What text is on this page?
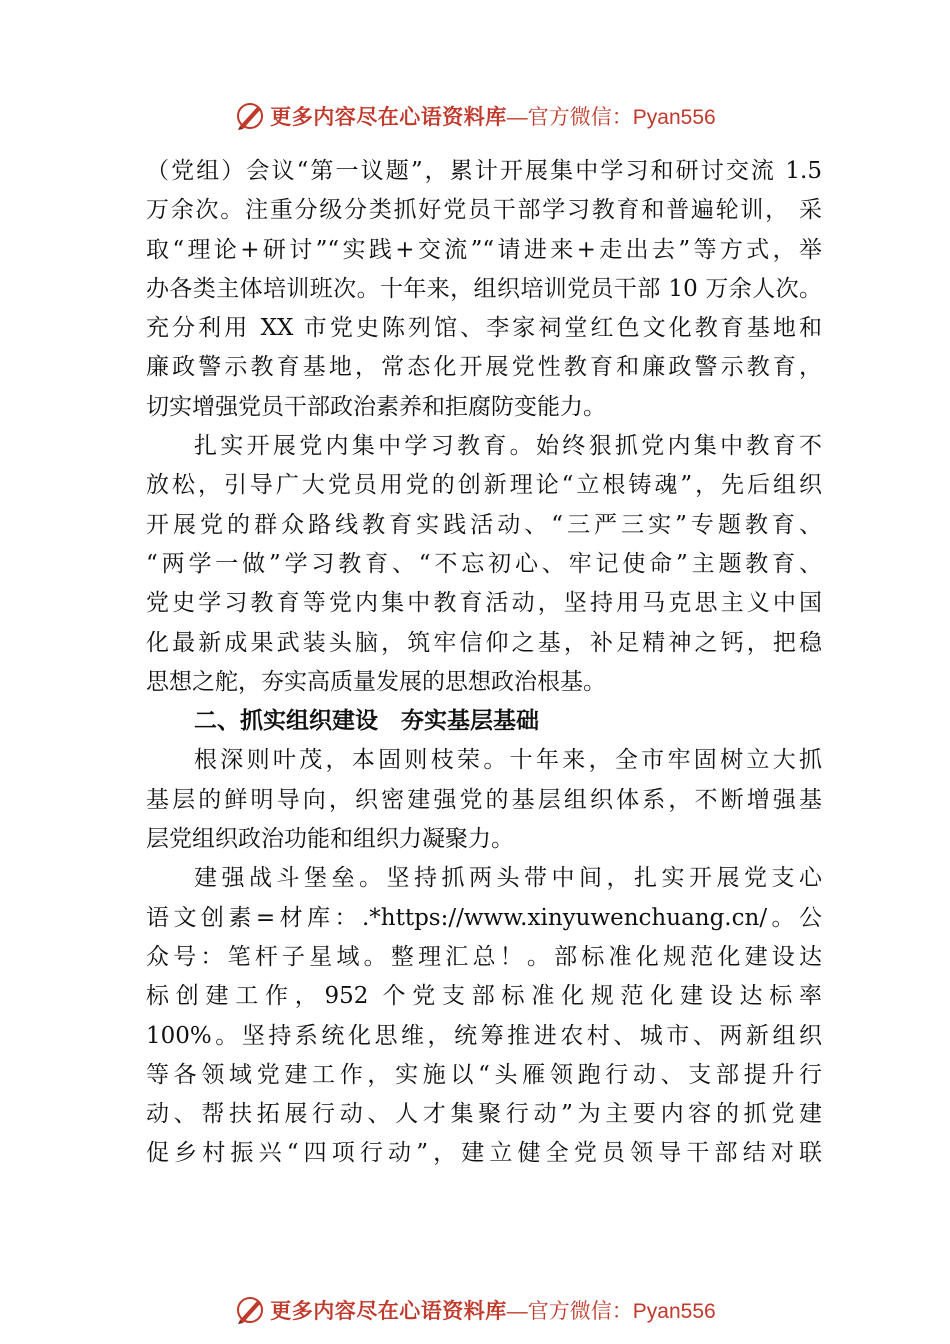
更多内容尽在心语资料库 —官方微信：Pyan556
（党组）会议“第一议题”，累计开展集中学习和研讨交流 1.5
万余次。注重分级分类抓好党员干部学习教育和普遍轮训， 采
取“理论+研讨”“实践+交流”“请进来+走出去”等方式，举
办各类主体培训班次。十年来，组织培训党员干部 10 万余人次。
充分利用 XX 市党史陈列馆、李家祠堂红色文化教育基地和
廉政警示教育基地，常态化开展党性教育和廉政警示教育，
切实增强党员干部政治素养和拒腐防变能力。
扎实开展党内集中学习教育。始终狠抓党内集中教育不
放松，引导广大党员用党的创新理论“立根铸魂”，先后组织
开展党的群众路线教育实践活动、“三严三实”专题教育、
“两学一做”学习教育、“不忘初心、牢记使命”主题教育、
党史学习教育等党内集中教育活动，坚持用马克思主义中国
化最新成果武装头脑，筑牢信仰之基，补足精神之钙，把稳
思想之舵，夯实高质量发展的思想政治根基。
二、抓实组织建设　夯实基层基础
根深则叶茂，本固则枝荣。十年来，全市牢固树立大抓
基层的鲜明导向，织密建强党的基层组织体系，不断增强基
层党组织政治功能和组织力凝聚力。
建强战斗堡垒。坚持抓两头带中间，扎实开展党支心
语文创素=材库：.*https://www.xinyuwenchuang.cn/。公
众号：笔杆子星域。整理汇总！。部标准化规范化建设达
标创建工作，952 个党支部标准化规范化建设达标率
100%。坚持系统化思维，统筹推进农村、城市、两新组织
等各领域党建工作，实施以“头雁领跑行动、支部提升行
动、帮扶拓展行动、人才集聚行动”为主要内容的抓党建
促乡村振兴“四项行动”，建立健全党员领导干部结对联
更多内容尽在心语资料库 —官方微信：Pyan556
